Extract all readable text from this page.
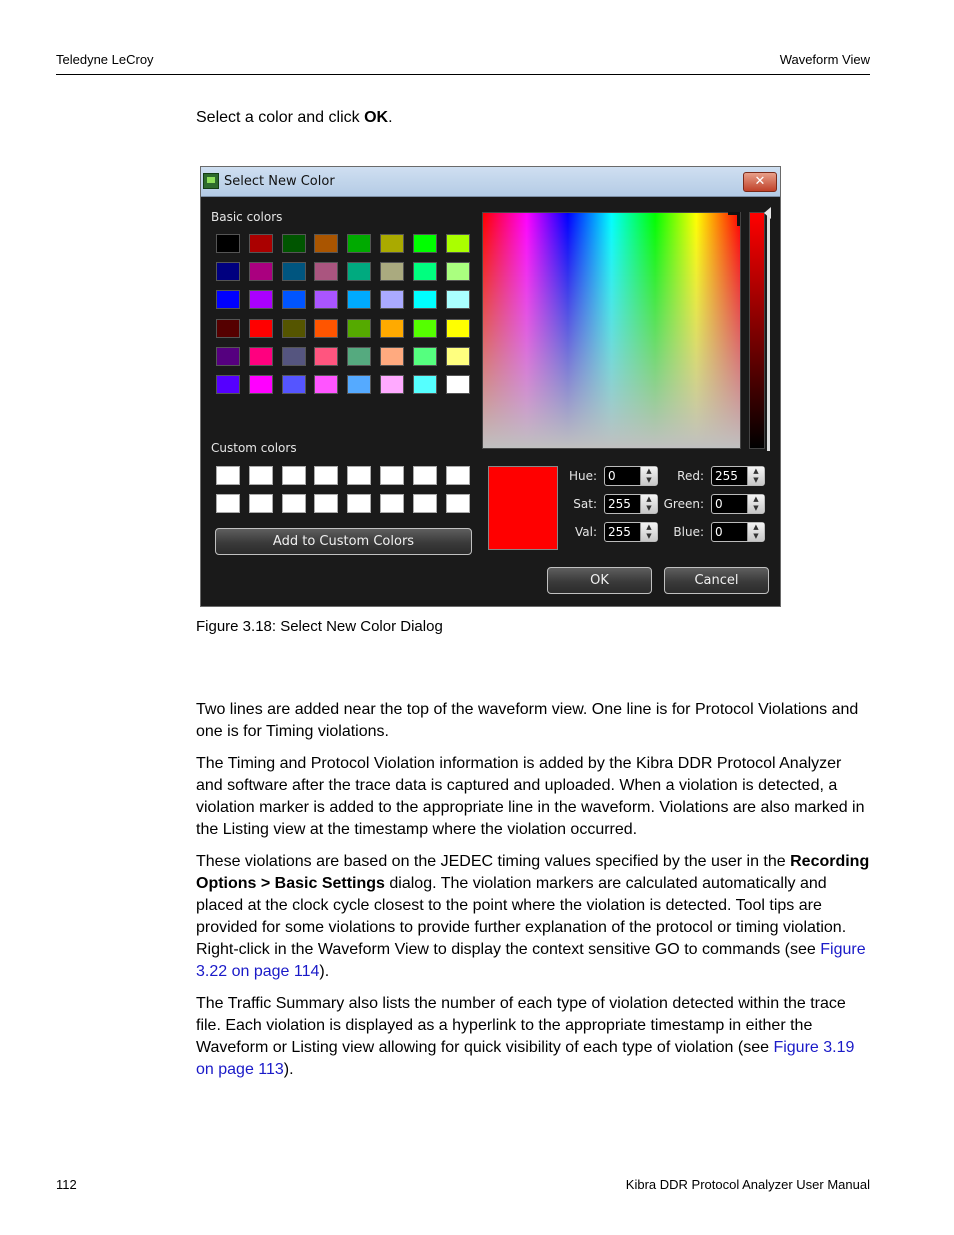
Teledyne LeCroy	Waveform View
Select a color and click OK.
Select New Color	✕
Basic colors
Custom colors
Add to Custom Colors
Hue: 0	▲
▼
Sat: 255	▲
▼
Val: 255	▲
▼
Red: 255	▲
▼
Green: 0	▲
▼
Blue: 0	▲
▼
OK	Cancel
Figure 3.18: Select New Color Dialog

Two lines are added near the top of the waveform view. One line is for Protocol Violations and one is for Timing violations.

The Timing and Protocol Violation information is added by the Kibra DDR Protocol Analyzer and software after the trace data is captured and uploaded. When a violation is detected, a violation marker is added to the appropriate line in the waveform. Violations are also marked in the Listing view at the timestamp where the violation occurred.

These violations are based on the JEDEC timing values specified by the user in the Recording Options > Basic Settings dialog. The violation markers are calculated automatically and placed at the clock cycle closest to the point where the violation is detected. Tool tips are provided for some violations to provide further explanation of the protocol or timing violation. Right-click in the Waveform View to display the context sensitive GO to commands (see Figure 3.22 on page 114).

The Traffic Summary also lists the number of each type of violation detected within the trace file. Each violation is displayed as a hyperlink to the appropriate timestamp in either the Waveform or Listing view allowing for quick visibility of each type of violation (see Figure 3.19 on page 113).

112	Kibra DDR Protocol Analyzer User Manual
